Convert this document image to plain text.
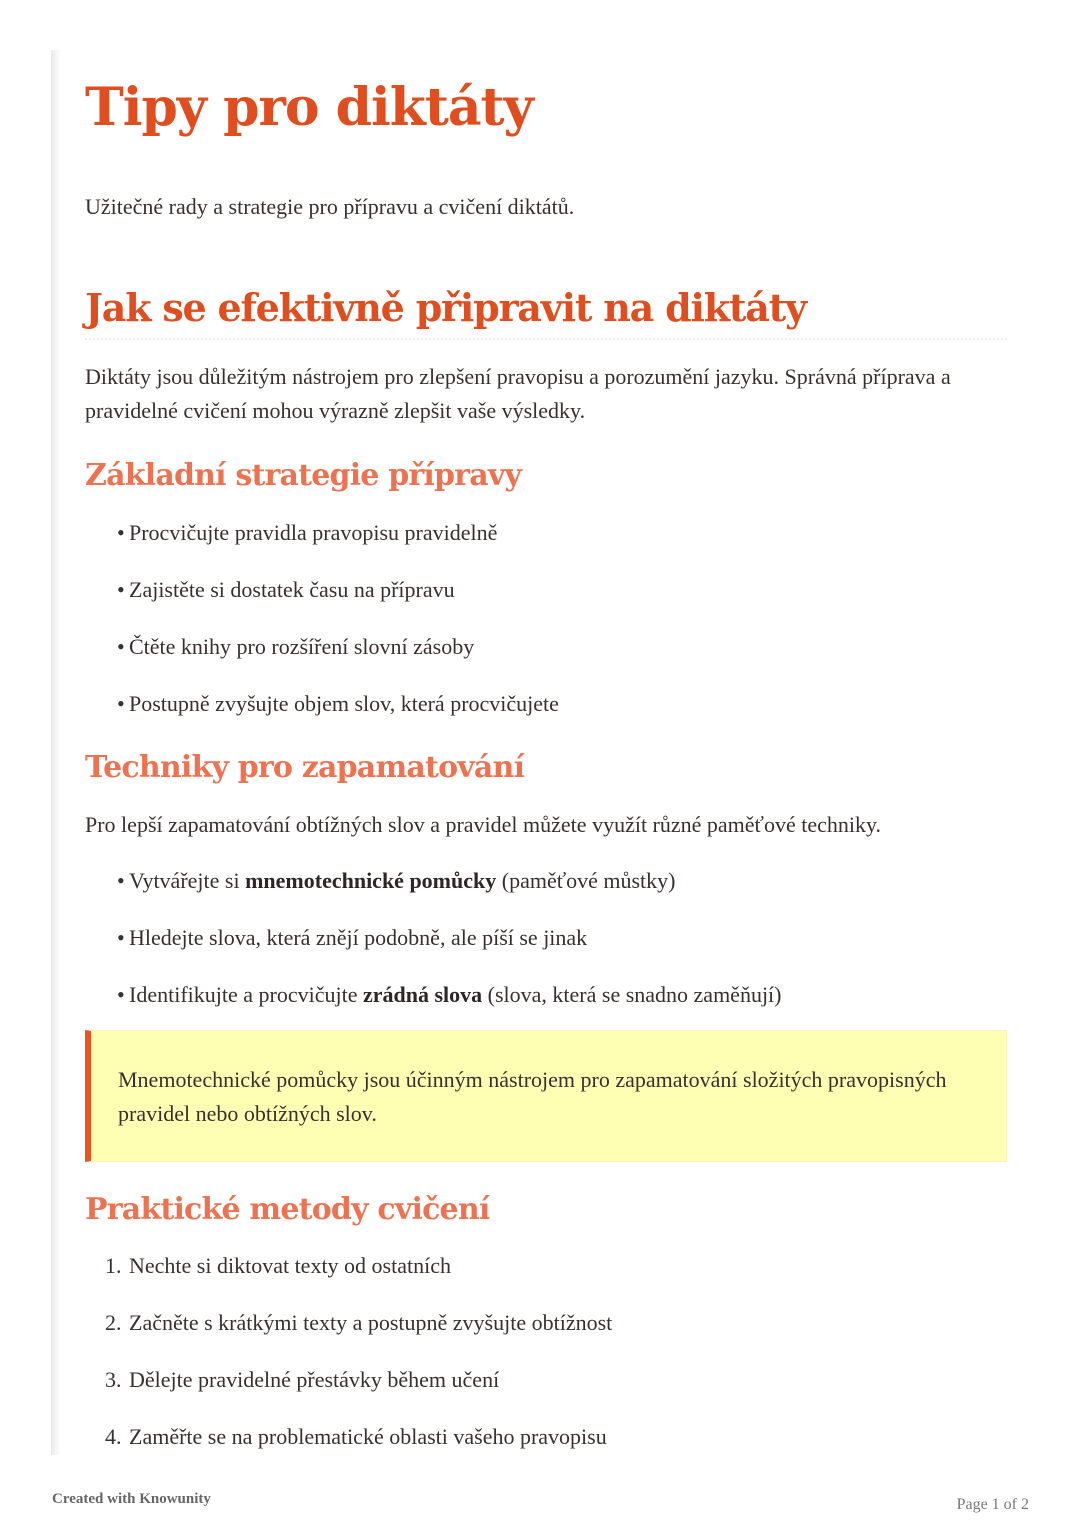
Tipy pro diktáty

Užitečné rady a strategie pro přípravu a cvičení diktátů.

Jak se efektivně připravit na diktáty

Diktáty jsou důležitým nástrojem pro zlepšení pravopisu a porozumění jazyku. Správná příprava a pravidelné cvičení mohou výrazně zlepšit vaše výsledky.

Základní strategie přípravy
• Procvičujte pravidla pravopisu pravidelně
• Zajistěte si dostatek času na přípravu
• Čtěte knihy pro rozšíření slovní zásoby
• Postupně zvyšujte objem slov, která procvičujete
Techniky pro zapamatování

Pro lepší zapamatování obtížných slov a pravidel můžete využít různé paměťové techniky.

• Vytvářejte si mnemotechnické pomůcky (paměťové můstky)
• Hledejte slova, která znějí podobně, ale píší se jinak
• Identifikujte a procvičujte zrádná slova (slova, která se snadno zaměňují)

Mnemotechnické pomůcky jsou účinným nástrojem pro zapamatování složitých pravopisných pravidel nebo obtížných slov.

Praktické metody cvičení
1. Nechte si diktovat texty od ostatních
2. Začněte s krátkými texty a postupně zvyšujte obtížnost
3. Dělejte pravidelné přestávky během učení
4. Zaměřte se na problematické oblasti vašeho pravopisu
Created with Knowunity	Page 1 of 2
